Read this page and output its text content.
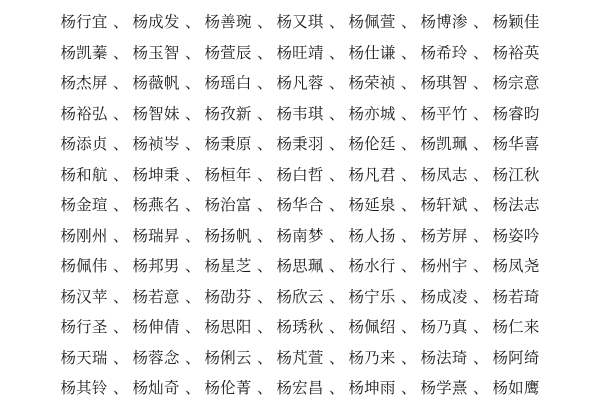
杨行宜 、 杨成发 、 杨善琬 、 杨又琪 、 杨佩萱 、 杨博渗 、 杨颖佳
杨凯蓁 、 杨玉智 、 杨萱辰 、 杨旺靖 、 杨仕谦 、 杨希玲 、 杨裕英
杨杰屏 、 杨薇帆 、 杨瑶白 、 杨凡蓉 、 杨荣祯 、 杨琪智 、 杨宗意
杨裕弘 、 杨智妹 、 杨孜新 、 杨韦琪 、 杨亦城 、 杨平竹 、 杨睿昀
杨添贞 、 杨祯岑 、 杨秉原 、 杨秉羽 、 杨伦廷 、 杨凯珮 、 杨华喜
杨和航 、 杨坤秉 、 杨桓年 、 杨白哲 、 杨凡君 、 杨凤志 、 杨江秋
杨金瑄 、 杨燕名 、 杨治富 、 杨华合 、 杨延泉 、 杨轩斌 、 杨法志
杨刚州 、 杨瑞昇 、 杨扬帆 、 杨南梦 、 杨人扬 、 杨芳屏 、 杨姿吟
杨佩伟 、 杨邦男 、 杨星芝 、 杨思珮 、 杨水行 、 杨州宇 、 杨凤尧
杨汉苹 、 杨若意 、 杨劭芬 、 杨欣云 、 杨宁乐 、 杨成凌 、 杨若琦
杨行圣 、 杨伸倩 、 杨思阳 、 杨琇秋 、 杨佩绍 、 杨乃真 、 杨仁来
杨天瑞 、 杨蓉念 、 杨俐云 、 杨芃萱 、 杨乃来 、 杨法琦 、 杨阿绮
杨其铃 、 杨灿奇 、 杨伦菁 、 杨宏昌 、 杨坤雨 、 杨学熹 、 杨如鹰
